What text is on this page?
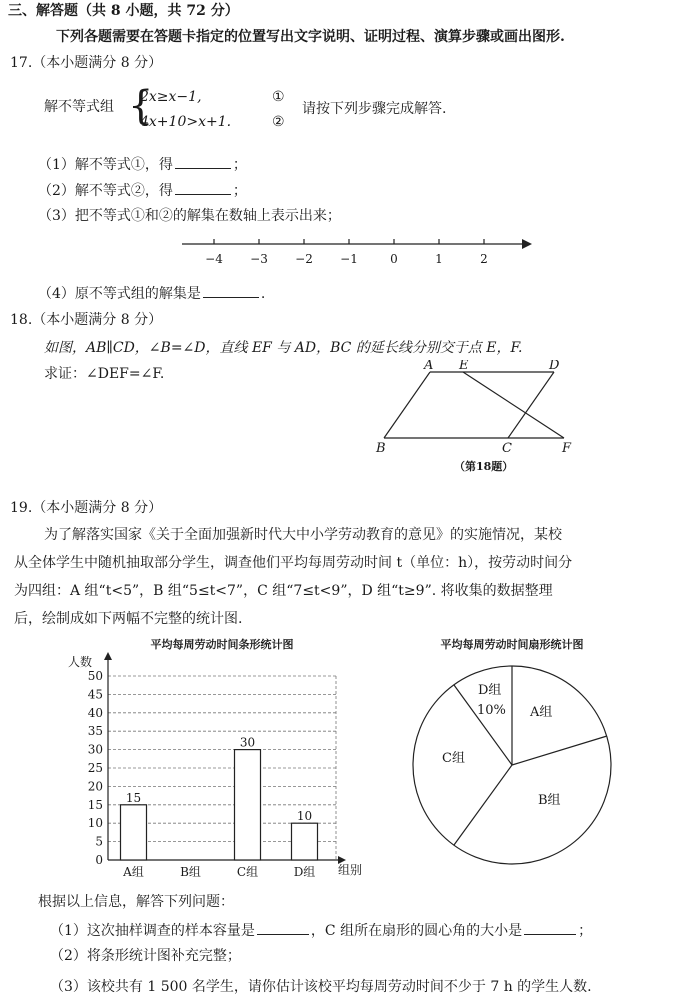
三、解答题（共 8 小题，共 72 分）
下列各题需要在答题卡指定的位置写出文字说明、证明过程、演算步骤或画出图形.
17.（本小题满分 8 分）
解不等式组 {
2x≥x−1,
4x+10>x+1.
①
②
请按下列步骤完成解答.
（1）解不等式①，得	；
（2）解不等式②，得	；
（3）把不等式①和②的解集在数轴上表示出来；
−4 −3 −2 −1	0	1	2
（4）原不等式组的解集是	.
18.（本小题满分 8 分）
如图，AB∥CD，∠B=∠D，直线 EF 与 AD，BC 的延长线分别交于点 E，F.
求证：∠DEF=∠F.
A E	D
B	C	F
（第18题）
19.（本小题满分 8 分）
为了解落实国家《关于全面加强新时代大中小学劳动教育的意见》的实施情况，某校
从全体学生中随机抽取部分学生，调查他们平均每周劳动时间 t（单位：h），按劳动时间分
为四组：A 组“t<5”，B 组“5≤t<7”，C 组“7≤t<9”，D 组“t≥9”. 将收集的数据整理
后，绘制成如下两幅不完整的统计图.
平均每周劳动时间条形统计图
人数
组别
0
5
10
15
20
25
30
35
40
45
50
15
A组	B组
30
C组
10
D组
平均每周劳动时间扇形统计图
A组
B组
C组
D组
10%
根据以上信息，解答下列问题：
（1）这次抽样调查的样本容量是	，C 组所在扇形的圆心角的大小是	；
（2）将条形统计图补充完整；
（3）该校共有 1 500 名学生，请你估计该校平均每周劳动时间不少于 7 h 的学生人数.
